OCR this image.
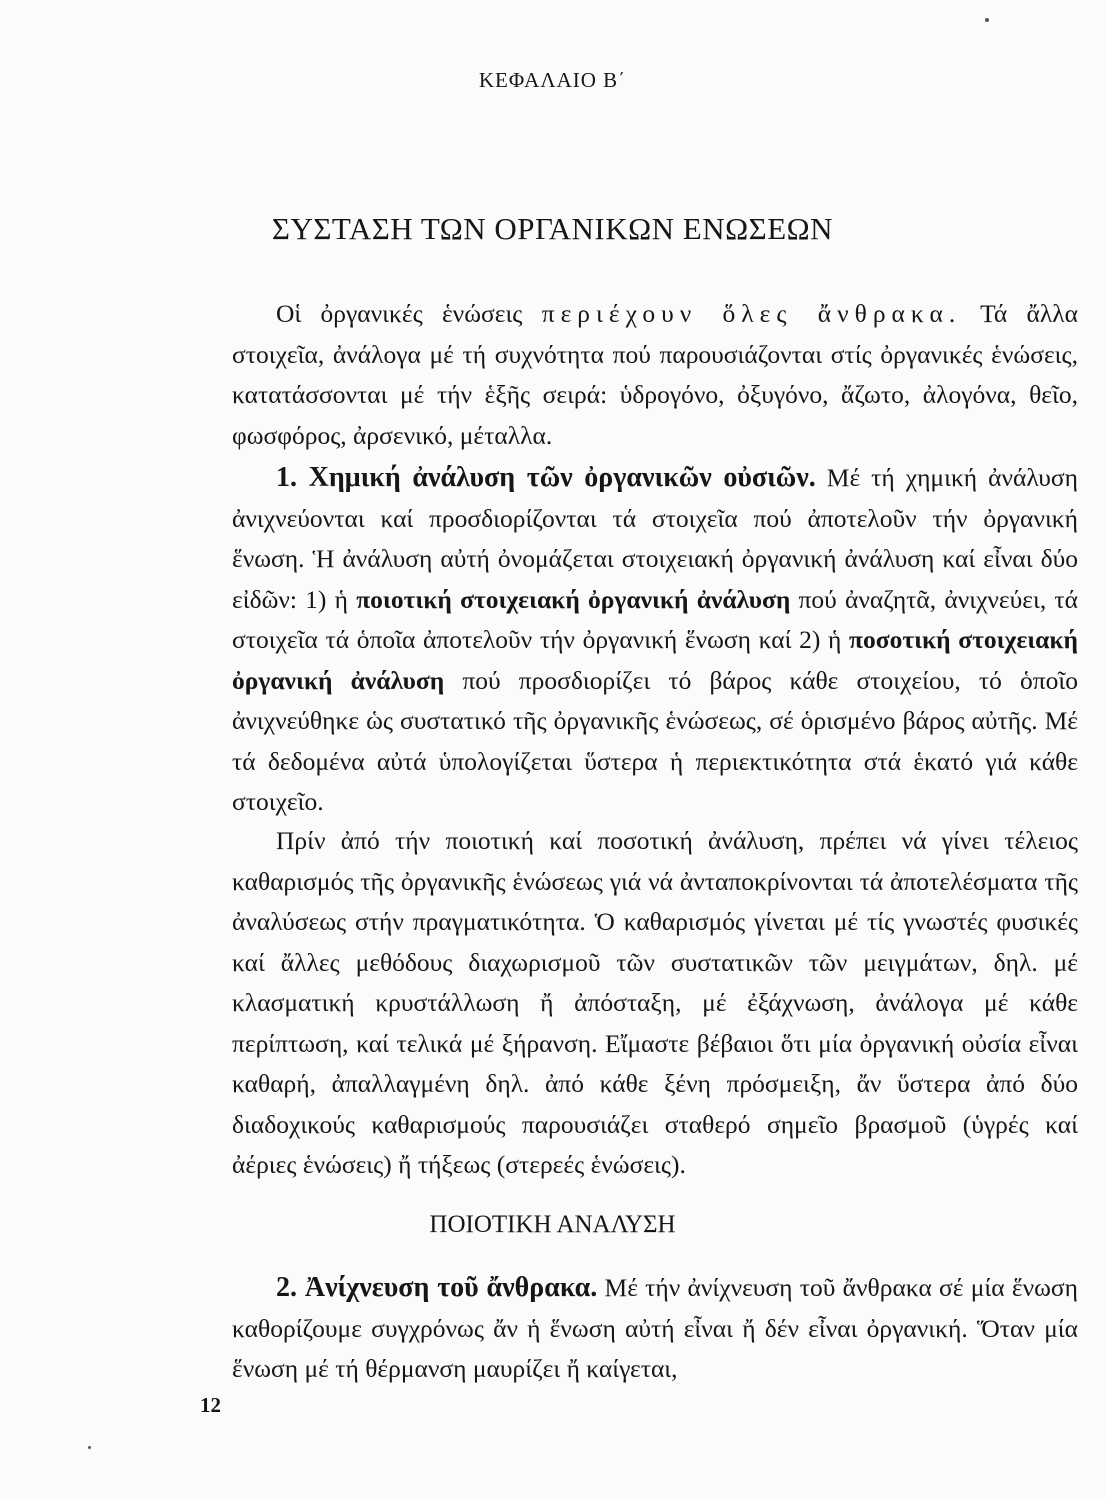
ΚΕΦΑΛΑΙΟ Β΄
ΣΥΣΤΑΣΗ ΤΩΝ ΟΡΓΑΝΙΚΩΝ ΕΝΩΣΕΩΝ

Οἱ ὀργανικές ἑνώσεις περιέχουν ὅλες ἄνθρακα. Τά ἄλλα στοιχεῖα, ἀνάλογα μέ τή συχνότητα πού παρουσιάζονται στίς ὀργανικές ἑνώσεις, κατατάσσονται μέ τήν ἑξῆς σειρά: ὑδρογόνο, ὀξυγόνο, ἄζωτο, ἀλογόνα, θεῖο, φωσφόρος, ἀρσενικό, μέταλλα.

1. Χημική ἀνάλυση τῶν ὀργανικῶν οὐσιῶν. Μέ τή χημική ἀνάλυση ἀνιχνεύονται καί προσδιορίζονται τά στοιχεῖα πού ἀποτελοῦν τήν ὀργανική ἕνωση. Ἡ ἀνάλυση αὐτή ὀνομάζεται στοιχειακή ὀργανική ἀνάλυση καί εἶναι δύο εἰδῶν: 1) ἡ ποιοτική στοιχειακή ὀργανική ἀνάλυση πού ἀναζητᾶ, ἀνιχνεύει, τά στοιχεῖα τά ὁποῖα ἀποτελοῦν τήν ὀργανική ἕνωση καί 2) ἡ ποσοτική στοιχειακή ὀργανική ἀνάλυση πού προσδιορίζει τό βάρος κάθε στοιχείου, τό ὁποῖο ἀνιχνεύθηκε ὡς συστατικό τῆς ὀργανικῆς ἑνώσεως, σέ ὁρισμένο βάρος αὐτῆς. Μέ τά δεδομένα αὐτά ὑπολογίζεται ὕστερα ἡ περιεκτικότητα στά ἑκατό γιά κάθε στοιχεῖο.

Πρίν ἀπό τήν ποιοτική καί ποσοτική ἀνάλυση, πρέπει νά γίνει τέλειος καθαρισμός τῆς ὀργανικῆς ἑνώσεως γιά νά ἀνταποκρίνονται τά ἀποτελέσματα τῆς ἀναλύσεως στήν πραγματικότητα. Ὁ καθαρισμός γίνεται μέ τίς γνωστές φυσικές καί ἄλλες μεθόδους διαχωρισμοῦ τῶν συστατικῶν τῶν μειγμάτων, δηλ. μέ κλασματική κρυστάλλωση ἤ ἀπόσταξη, μέ ἐξάχνωση, ἀνάλογα μέ κάθε περίπτωση, καί τελικά μέ ξήρανση. Εἴμαστε βέβαιοι ὅτι μία ὀργανική οὐσία εἶναι καθαρή, ἀπαλλαγμένη δηλ. ἀπό κάθε ξένη πρόσμειξη, ἄν ὕστερα ἀπό δύο διαδοχικούς καθαρισμούς παρουσιάζει σταθερό σημεῖο βρασμοῦ (ὑγρές καί ἀέριες ἑνώσεις) ἤ τήξεως (στερεές ἑνώσεις).

ΠΟΙΟΤΙΚΗ ΑΝΑΛΥΣΗ

2. Ἀνίχνευση τοῦ ἄνθρακα. Μέ τήν ἀνίχνευση τοῦ ἄνθρακα σέ μία ἕνωση καθορίζουμε συγχρόνως ἄν ἡ ἕνωση αὐτή εἶναι ἤ δέν εἶναι ὀργανική. Ὅταν μία ἕνωση μέ τή θέρμανση μαυρίζει ἤ καίγεται,

12
